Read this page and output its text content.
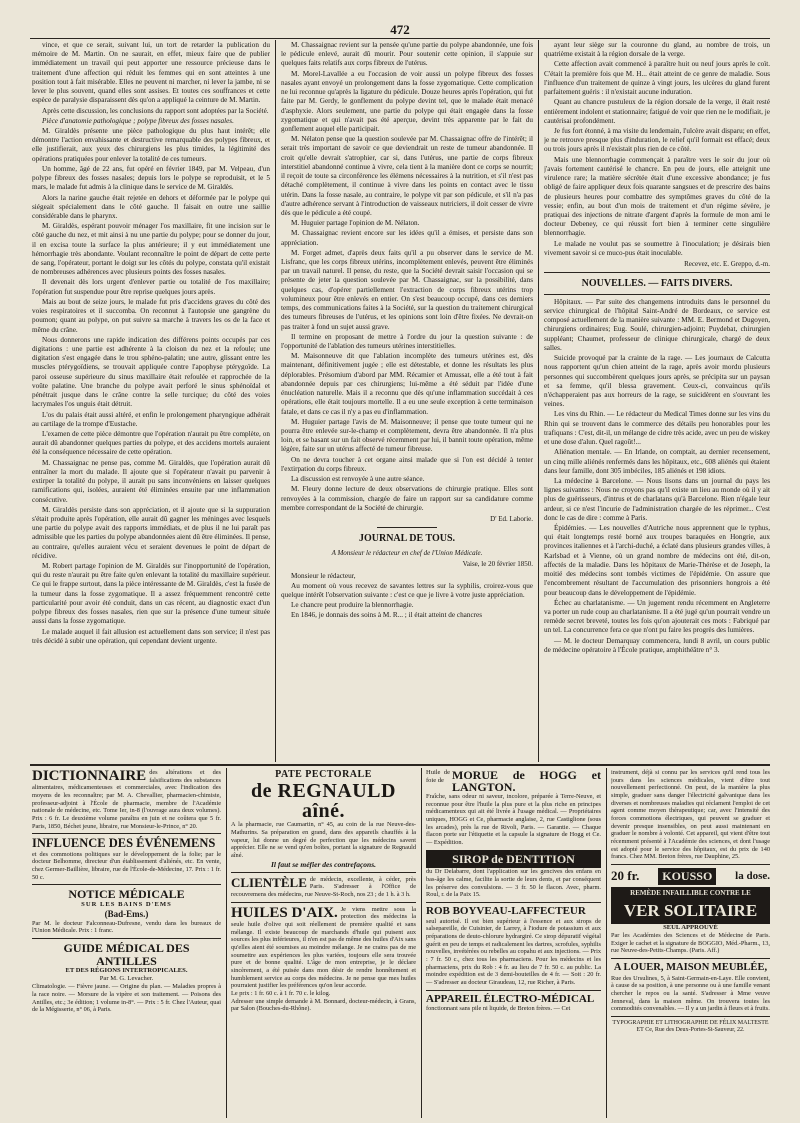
472

vince, et que ce serait, suivant lui, un tort de retarder la publication du mémoire de M. Martin. On ne saurait, en effet, mieux faire que de publier immédiatement un travail qui peut apporter une ressource précieuse dans le traitement d'une affection qui réduit les femmes qui en sont atteintes à une position tout à fait misérable. Elles ne peuvent ni marcher, ni lever la jambe, ni se lever le plus souvent, quand elles sont assises. Et toutes ces souffrances et cette espèce de paralysie disparaissent dès qu'on a appliqué la ceinture de M. Martin.

Après cette discussion, les conclusions du rapport sont adoptées par la Société.

Pièce d'anatomie pathologique ; polype fibreux des fosses nasales.

M. Giraldès présente une pièce pathologique du plus haut intérêt; elle démontre l'action envahissante et destructive remarquable des polypes fibreux, et elle justifierait, aux yeux des chirurgiens les plus timides, la légitimité des opérations pratiquées pour enlever la totalité de ces tumeurs.

Un homme, âgé de 22 ans, fut opéré en février 1849, par M. Velpeau, d'un polype fibreux des fosses nasales; depuis lors le polype se reproduisit, et le 5 mars, le malade fut admis à la clinique dans le service de M. Giraldès.

Alors la narine gauche était rejetée en dehors et déformée par le polype qui siégeait spécialement dans le côté gauche. Il faisait en outre une saillie considérable dans le pharynx.

M. Giraldès, espérant pouvoir ménager l'os maxillaire, fit une incision sur le côté gauche du nez, et mit ainsi à nu une partie du polype; pour se donner du jour, il en excisa toute la surface la plus antérieure; il y eut immédiatement une hémorrhagie très abondante. Voulant reconnaître le point de départ de cette perte de sang, l'opérateur, portant le doigt sur les côtés du polype, constata qu'il existait de nombreuses adhérences avec plusieurs points des fosses nasales.

Il devenait dès lors urgent d'enlever partie ou totalité de l'os maxillaire; l'opération fut suspendue pour être reprise quelques jours après.

Mais au bout de seize jours, le malade fut pris d'accidens graves du côté des voies respiratoires et il succomba. On reconnut à l'autopsie une gangrène du poumon; quant au polype, on put suivre sa marche à travers les os de la face et même du crâne.

Nous donnerons une rapide indication des différens points occupés par ces digitations : une partie est adhérente à la cloison du nez et la refoule; une digitation s'est engagée dans le trou sphéno-palatin; une autre, glissant entre les muscles ptérygoïdiens, se trouvait appliquée contre l'apophyse ptérygoïde. La paroi osseuse supérieure du sinus maxillaire était refoulée et rapprochée de la voûte palatine. Une branche du polype avait perforé le sinus sphénoïdal et pénétrait jusque dans le crâne contre la selle turcique; du côté des voies lacrymales l'os unguis était détruit.

L'os du palais était aussi altéré, et enfin le prolongement pharyngique adhérait au cartilage de la trompe d'Eustache.

L'examen de cette pièce démontre que l'opération n'aurait pu être complète, on aurait dû abandonner quelques parties du polype, et des accidens mortels auraient été la conséquence nécessaire de cette opération.

M. Chassaignac ne pense pas, comme M. Giraldès, que l'opération aurait dû entraîner la mort du malade. Il ajoute que si l'opérateur n'avait pu parvenir à extirper la totalité du polype, il aurait pu sans inconvéniens en laisser quelques ramifications qui, isolées, auraient été éliminées ensuite par une inflammation consécutive.

M. Giraldès persiste dans son appréciation, et il ajoute que si la suppuration s'était produite après l'opération, elle aurait dû gagner les méninges avec lesquels une partie du polype avait des rapports immédiats, et de plus il ne lui paraît pas admissible que les parties du polype abandonnées aient dû être éliminées. Il pense, au contraire, qu'elles auraient vécu et seraient devenues le point de départ de récidive.

M. Robert partage l'opinion de M. Giraldès sur l'inopportunité de l'opération, qui du reste n'aurait pu être faite qu'en enlevant la totalité du maxillaire supérieur. Ce qui le frappe surtout, dans la pièce intéressante de M. Giraldès, c'est la fusée de la tumeur dans la fosse zygomatique. Il a assez fréquemment rencontré cette particularité pour avoir été conduit, dans un cas récent, au diagnostic exact d'un polype fibreux des fosses nasales, rien que sur la présence d'une tumeur située aussi dans la fosse zygomatique.

Le malade auquel il fait allusion est actuellement dans son service; il n'est pas très décidé à subir une opération, qui cependant devient urgente.

M. Chassaignac revient sur la pensée qu'une partie du polype abandonnée, une fois le pédicule enlevé, aurait dû mourir. Pour soutenir cette opinion, il s'appuie sur quelques faits relatifs aux corps fibreux de l'utérus.

M. Morel-Lavallée a eu l'occasion de voir aussi un polype fibreux des fosses nasales ayant envoyé un prolongement dans la fosse zygomatique. Cette complication ne lui reconnue qu'après la ligature du pédicule. Douze heures après l'opération, qui fut faite par M. Gerdy, le gonflement du polype devint tel, que le malade était menacé d'asphyxie. Alors seulement, une partie du polype qui était engagée dans la fosse zygomatique et qui n'avait pas été aperçue, devint très apparente par le fait du gonflement auquel elle participait.

M. Nélaton pense que la question soulevée par M. Chassaignac offre de l'intérêt; il serait très important de savoir ce que deviendrait un reste de tumeur abandonnée. Il croit qu'elle devrait s'atrophier, car si, dans l'utérus, une partie de corps fibreux interstitiel abandonné continue à vivre, cela tient à la manière dont ce corps se nourrit; il reçoit de toute sa circonférence les élémens nécessaires à la nutrition, et s'il n'est pas détaché complètement, il continue à vivre dans les points en contact avec le tissu utérin. Dans la fosse nasale, au contraire, le polype vit par son pédicule, et s'il n'a pas d'autre adhérence servant à l'introduction de vaisseaux nutriciers, il doit cesser de vivre dès que le pédicule a été coupé.

M. Huguier partage l'opinion de M. Nélaton.

M. Chassaignac revient encore sur les idées qu'il a émises, et persiste dans son appréciation.

M. Forget admet, d'après deux faits qu'il a pu observer dans le service de M. Lisfranc, que les corps fibreux utérins, incomplètement enlevés, peuvent être éliminés par un travail naturel. Il pense, du reste, que la Société devrait saisir l'occasion qui se présente de jeter la question soulevée par M. Chassaignac, sur la possibilité, dans quelques cas, d'opérer partiellement l'extraction de corps fibreux utérins trop volumineux pour être enlevés en entier. On s'est beaucoup occupé, dans ces derniers temps, des communications faites à la Société, sur la question du traitement chirurgical des tumeurs fibreuses de l'utérus, et les opinions sont loin d'être fixées. Ne devrait-on pas traiter à fond un sujet aussi grave.

Il termine en proposant de mettre à l'ordre du jour la question suivante : de l'opportunité de l'ablation des tumeurs utérines interstitielles.

M. Maisonneuve dit que l'ablation incomplète des tumeurs utérines est, dès maintenant, définitivement jugée ; elle est détestable, et donne les résultats les plus déplorables. Présomium d'abord par MM. Récamier et Amussat, elle a été tout à fait abandonnée depuis par ces chirurgiens; lui-même a été séduit par l'idée d'une énucléation naturelle. Mais il a reconnu que dès qu'une inflammation succédait à ces opérations, elle était toujours mortelle. Il a eu une seule exception à cette terminaison fatale, et dans ce cas il n'y a pas eu d'inflammation.

M. Huguier partage l'avis de M. Maisonneuve; il pense que toute tumeur qui ne pourra être enlevée sur-le-champ et complètement, devra être abandonnée. Il n'a plus loin, et se basant sur un fait observé récemment par lui, il bannit toute opération, même légère, faite sur un utérus affecté de tumeur fibreuse.

On ne devra toucher à cet organe ainsi malade que si l'on est décidé à tenter l'extirpation du corps fibreux.

La discussion est renvoyée à une autre séance.

M. Fleury donne lecture de deux observations de chirurgie pratique. Elles sont renvoyées à la commission, chargée de faire un rapport sur sa candidature comme membre correspondant de la Société de chirurgie.

D' Ed. Laborie.
JOURNAL DE TOUS.
A Monsieur le rédacteur en chef de l'Union Médicale.
Vaise, le 20 février 1850.

Monsieur le rédacteur,

Au moment où vous recevez de savantes lettres sur la syphilis, croirez-vous que quelque intérêt l'observation suivante : c'est ce que je livre à votre juste appréciation.

Le chancre peut produire la blennorrhagie.

En 1846, je donnais des soins à M. R... ; il était atteint de chancres

ayant leur siège sur la couronne du gland, au nombre de trois, un quatrième existait à la région dorsale de la verge.

Cette affection avait commencé à paraître huit ou neuf jours après le coït. C'était la première fois que M. H... était atteint de ce genre de maladie. Sous l'influence d'un traitement de quinze à vingt jours, les ulcères du gland furent parfaitement guéris : il n'existait aucune induration.

Quant au chancre pustuleux de la région dorsale de la verge, il était resté entièrement indolent et stationnaire; fatigué de voir que rien ne le modifiait, je cautérisai profondément.

Je fus fort étonné, à ma visite du lendemain, l'ulcère avait disparu; en effet, je ne retrouve presque plus d'induration, le relief qu'il formait est effacé; deux ou trois jours après il n'existait plus rien de ce côté.

Mais une blennorrhagie commençait à paraître vers le soir du jour où j'avais fortement cautérisé le chancre. En peu de jours, elle atteignit une virulence rare; la matière sécrétée était d'une excessive abondance; je fus obligé de faire appliquer deux fois quarante sangsues et de prescrire des bains de plusieurs heures pour combattre des symptômes graves du côté de la vessie; enfin, au bout d'un mois de traitement et d'un régime sévère, je pratiquai des injections de nitrate d'argent d'après la formule de mon ami le docteur Debeney, ce qui réussit fort bien à terminer cette singulière blennorrhagie.

Le malade ne voulut pas se soumettre à l'inoculation; je désirais bien vivement savoir si ce muco-pus était inoculable.

Recevez, etc. E. Greppo, d.-m.
NOUVELLES. — FAITS DIVERS.

Hôpitaux. — Par suite des changemens introduits dans le personnel du service chirurgical de l'hôpital Saint-André de Bordeaux, ce service est composé actuellement de la manière suivante : MM. E. Bermond et Dugoyen, chirurgiens ordinaires; Eug. Soulé, chirurgien-adjoint; Puydebat, chirurgien suppléant; Chaumet, professeur de clinique chirurgicale, chargé de deux salles.

Suicide provoqué par la crainte de la rage. — Les journaux de Calcutta nous rapportent qu'un chien atteint de la rage, après avoir mordu plusieurs personnes qui succombèrent quelques jours après, se précipita sur un paysan et sa femme, qu'il blessa gravement. Ceux-ci, convaincus qu'ils n'échapperaient pas aux horreurs de la rage, se suicidèrent en s'ouvrant les veines.

Les vins du Rhin. — Le rédacteur du Medical Times donne sur les vins du Rhin qui se trouvent dans le commerce des détails peu honorables pour les trafiquans : C'est, dit-il, un mélange de cidre très acide, avec un peu de wiskey et une dose d'alun. Quel ragoût!...

Aliénation mentale. — En Irlande, on comptait, au dernier recensement, un cinq mille aliénés renfermés dans les hôpitaux, etc., 608 aliénés qui étaient dans leur famille, dont 305 imbéciles, 185 aliénés et 198 idiots.

La médecine à Barcelone. — Nous lisons dans un journal du pays les lignes suivantes : Nous ne croyons pas qu'il existe un lieu au monde où il y ait plus de guérisseurs, d'intrus et de charlatans qu'à Barcelone. Rien n'égale leur ardeur, si ce n'est l'incurie de l'administration chargée de les réprimer... C'est donc le cas de dire : comme à Paris.

Épidémies. — Les nouvelles d'Autriche nous apprennent que le typhus, qui était longtemps resté borné aux troupes baraquées en Hongrie, aux provinces italiennes et à l'archi-duché, a éclaté dans plusieurs grandes villes, à Karlsbad et à Vienne, où un grand nombre de médecins ont été, dit-on, affectés de la maladie. Dans les hôpitaux de Marie-Thérèse et de Joseph, la moitié des médecins sont tombés victimes de l'épidémie. On assure que l'encombrement résultant de l'accumulation des prisonniers hongrois a été pour beaucoup dans le développement de l'épidémie.

Échec au charlatanisme. — Un jugement rendu récemment en Angleterre va porter un rude coup au charlatanisme. Il a été jugé qu'un pourrait vendre un remède secret breveté, toutes les fois qu'on ajouterait ces mots : Fabriqué par un tel. La concurrence fera ce que n'ont pu faire les progrès des lumières.

— M. le docteur Demarquay commencera, lundi 8 avril, un cours public de médecine opératoire à l'École pratique, amphithéâtre n° 3.

DICTIONNAIRE des altérations et des falsifications des substances alimentaires, médicamenteuses et commerciales, avec l'indication des moyens de les reconnaître; par M. A. Chevallier, pharmacien-chimiste, professeur-adjoint à l'École de pharmacie, membre de l'Académie nationale de médecine, etc. Tome Ier, in-8 (l'ouvrage aura deux volumes). Prix : 6 fr. Le deuxième volume paraîtra en juin et ne coûtera que 5 fr. Paris, 1850, Béchet jeune, libraire, rue Monsieur-le-Prince, n° 20.
INFLUENCE DES ÉVÉNEMENS
et des commotions politiques sur le développement de la folie; par le docteur Belhomme, directeur d'un établissement d'aliénés, etc. En vente, chez Germer-Baillière, libraire, rue de l'École-de-Médecine, 17. Prix : 1 fr. 50 c.
NOTICE MÉDICALE
SUR LES BAINS D'EMS
(Bad-Ems.)
Par M. le docteur Falconneau-Dufresne, vendu dans les bureaux de l'Union Médicale. Prix : 1 franc.
GUIDE MÉDICAL DES ANTILLES
ET DES RÉGIONS INTERTROPICALES.
Par M. G. Levacher.
Climatologie. — Fièvre jaune. — Origine du plan. — Maladies propres à la race noire. — Morsure de la vipère et son traitement. — Poisons des Antilles, etc.; 3e édition; 1 volume in-8°. — Prix : 5 fr. Chez l'Auteur, quai de la Mégisserie, n° 06, à Paris.
PATE PECTORALE
de REGNAULD aîné.
A la pharmacie, rue Caumartin, n° 45, au coin de la rue Neuve-des-Mathurins. Sa préparation en grand, dans des appareils chauffés à la vapeur, lui donne un degré de perfection que les médecins savent apprécier. Elle ne se vend qu'en boîtes, portant la signature de Regnauld aîné.
Il faut se méfier des contrefaçons.
CLIENTÈLE de médecin, excellente, à céder, près Paris. S'adresser à l'Office de recouvremens des médecins, rue Neuve-St-Roch, nos 23 ; de 1 h. à 3 h.
HUILES D'AIX. Je viens mettre sous la protection des médecins la seule huile d'olive qui soit réellement de première qualité et sans mélange. Il existe beaucoup de marchands d'huile qui puisent aux sources les plus inférieures, il n'en est pas de même des huiles d'Aix sans qu'elles aient été soumises au moindre mélange. Je ne crains pas de me soumettre aux expériences les plus variées, toujours elle sera trouvée pure et de bonne qualité. L'âge de mon entreprise, je le déclare sincèrement, a été puisée dans mon désir de rendre honnêtement et humblement service au corps des médecins. Je ne pense que mes huiles pourraient justifier les préférences qu'on leur accorde.
Le prix : 1 fr. 60 c. à 1 fr. 70 c. le kilog.
Adresser une simple demande à M. Bonnard, docteur-médecin, à Grans, par Salon (Bouches-du-Rhône).
Huile de foie de MORUE de HOGG et LANGTON.
Fraîche, sans odeur ni saveur, incolore, préparée à Terre-Neuve, et reconnue pour être l'huile la plus pure et la plus riche en principes médicamenteux qui ait été livrée à l'usage médical. — Propriétaires uniques, HOGG et Ce, pharmacie anglaise, 2, rue Castiglione (sous les arcades), près la rue de Rivoli, Paris. — Garantie. — Chaque flacon porte sur l'étiquette et la capsule la signature de Hogg et Ce. — Expédition.
SIROP de DENTITION
du Dr Delabarre, dont l'application sur les gencives des enfans en bas-âge les calme, facilite la sortie de leurs dents, et par conséquent les préserve des convulsions. — 3 fr. 50 le flacon. Avec, pharm. Roul, r. de la Paix 15.
ROB BOYVEAU-LAFFECTEUR
seul autorisé. Il est bien supérieur à l'essence et aux sirops de salsepareille, de Cuisinier, de Larrey, à l'iodure de potassium et aux préparations de deuto-chlorure hydrargiré. Ce sirop dépuratif végétal guérit en peu de temps et radicalement les dartres, scrofules, syphilis nouvelles, invétérées ou rebelles au copahu et aux injections. — Prix : 7 fr. 50 c., chez tous les pharmaciens. Pour les médecins et les pharmaciens, prix du Rob : 4 fr. au lieu de 7 fr. 50 c. au public. La moindre expédition est de 3 demi-bouteilles de 4 fr. — Soit : 20 fr. — S'adresser au docteur Giraudeau, 12, rue Richer, à Paris.
APPAREIL ÉLECTRO-MÉDICAL
fonctionnant sans pile ni liquide, de Breton frères. — Cet
instrument, déjà si connu par les services qu'il rend tous les jours dans les sciences médicales, vient d'être tout nouvellement perfectionné. On peut, de la manière la plus simple, graduer sans danger l'électricité galvanique dans les diverses et nombreuses maladies qui réclament l'emploi de cet agent comme moyen thérapeutique; car, avec l'intensité des forces commotions électriques, qui peuvent se graduer et devenir presque insensibles, on peut aussi maintenant en graduer le nombre à volonté. Cet appareil, qui vient d'être tout récemment présenté à l'Académie des sciences, et dont l'usage est adopté pour le service des hôpitaux, est du prix de 140 francs. Chez MM. Breton frères, rue Dauphine, 25.
20 fr.	KOUSSO	la dose.
REMÈDE INFAILLIBLE CONTRE LE
VER SOLITAIRE
SEUL APPROUVÉ
Par les Académies des Sciences et de Médecine de Paris. Exiger le cachet et la signature de BOGGIO, Méd.-Pharm., 13, rue Neuve-des-Petits-Champs. (Paris. Aff.)
A LOUER, MAISON MEUBLÉE,
Rue des Ursulines, 5, à Saint-Germain-en-Laye. Elle convient, à cause de sa position, à une personne ou à une famille venant chercher le repos ou la santé. S'adresser à Mme veuve Jenneval, dans la maison même. On trouvera toutes les commodités convenables. — Il y a un jardin à fleurs et à fruits.
TYPOGRAPHIE ET LITHOGRAPHIE DE FÉLIX MALTESTE ET Ce, Rue des Deux-Portes-St-Sauveur, 22.
